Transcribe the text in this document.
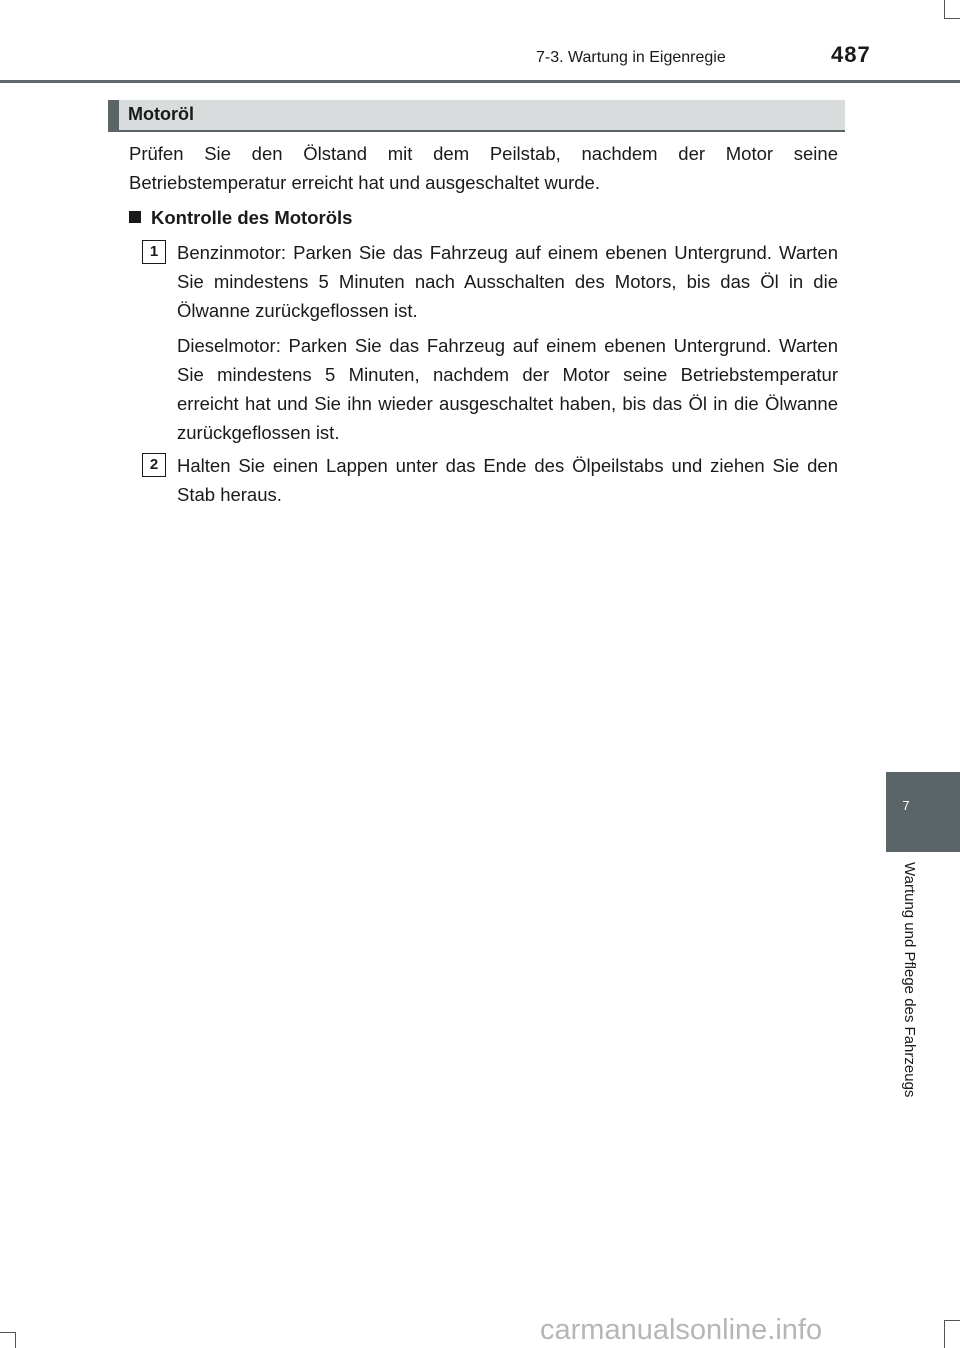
7-3. Wartung in Eigenregie	487
Motoröl
Prüfen Sie den Ölstand mit dem Peilstab, nachdem der Motor seine Betriebstemperatur erreicht hat und ausgeschaltet wurde.
Kontrolle des Motoröls
1	Benzinmotor: Parken Sie das Fahrzeug auf einem ebenen Untergrund. Warten Sie mindestens 5 Minuten nach Ausschalten des Motors, bis das Öl in die Ölwanne zurückgeflossen ist.
Dieselmotor: Parken Sie das Fahrzeug auf einem ebenen Untergrund. Warten Sie mindestens 5 Minuten, nachdem der Motor seine Betriebstemperatur erreicht hat und Sie ihn wieder ausgeschaltet haben, bis das Öl in die Ölwanne zurückgeflossen ist.
2	Halten Sie einen Lappen unter das Ende des Ölpeilstabs und ziehen Sie den Stab heraus.
7
Wartung und Pflege des Fahrzeugs
carmanualsonline.info
